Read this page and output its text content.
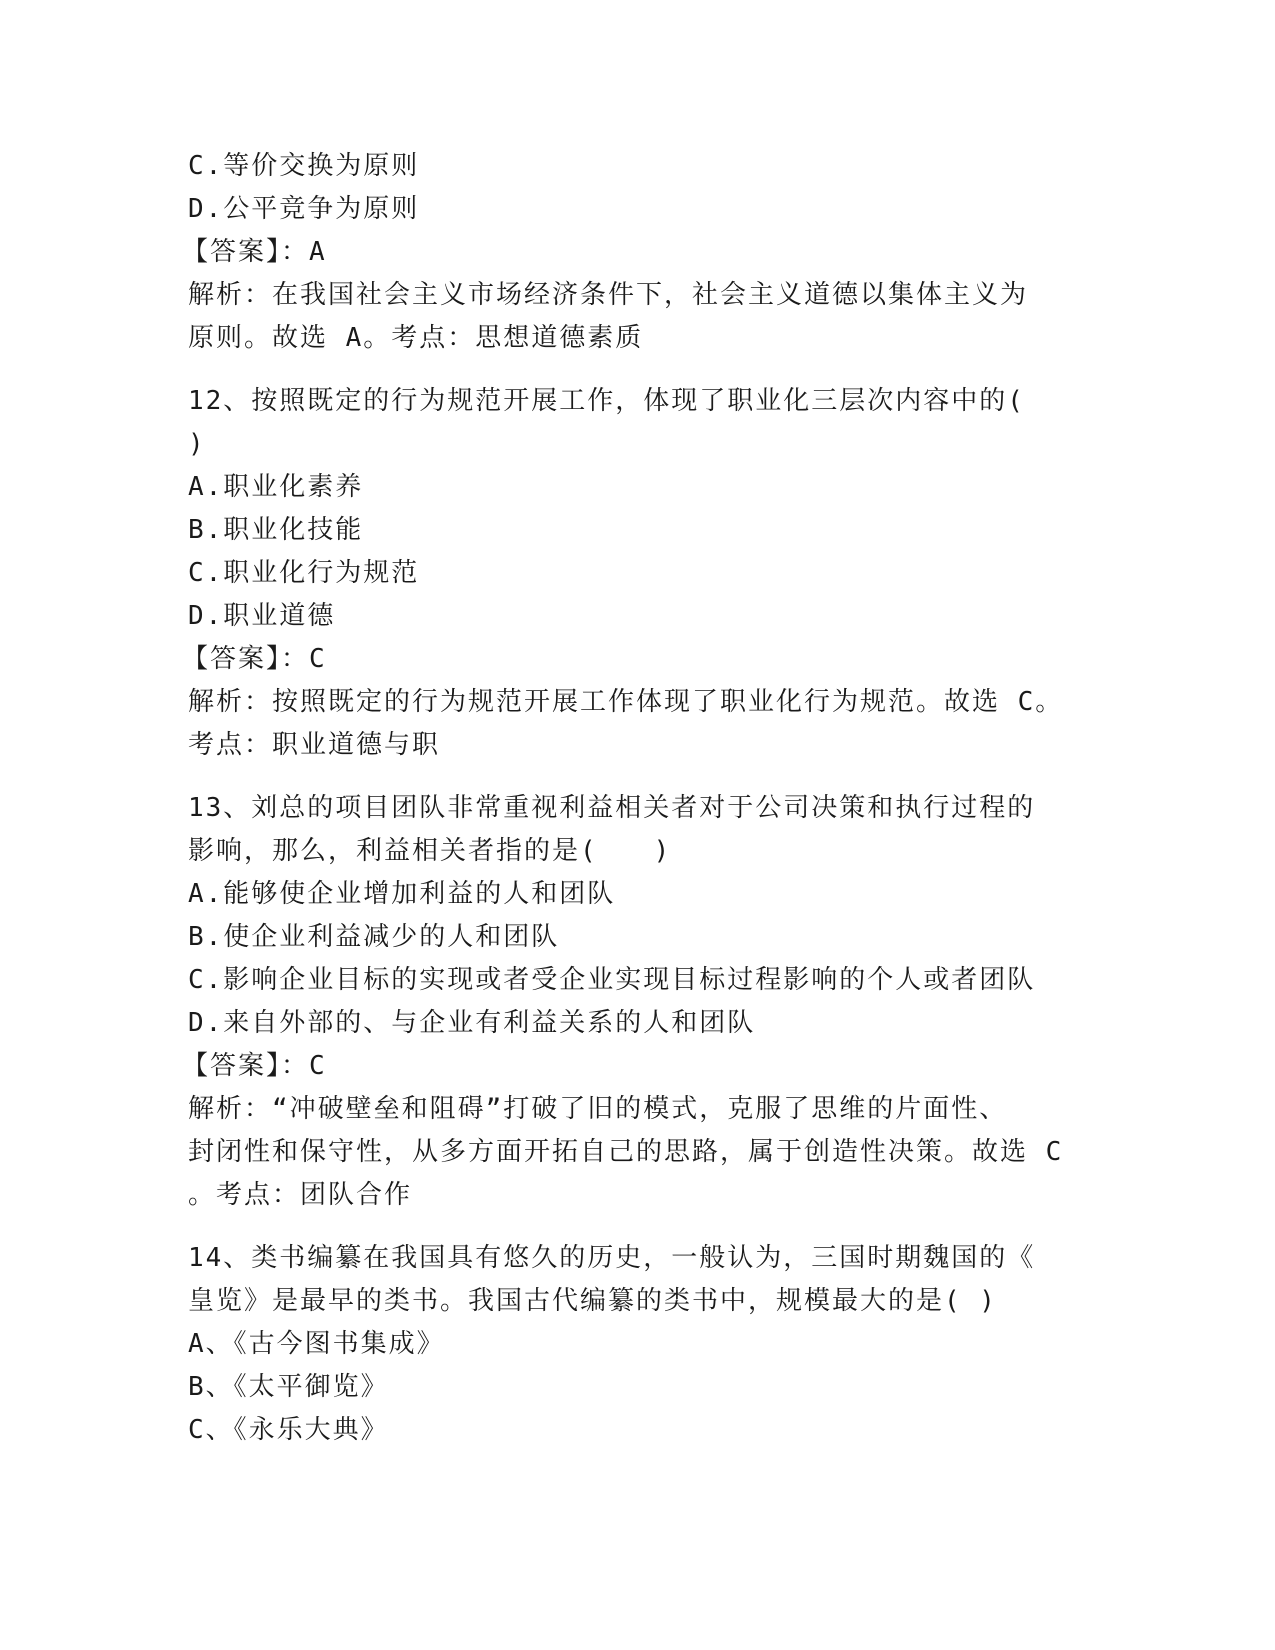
C.等价交换为原则
D.公平竞争为原则
【答案】：A
解析：在我国社会主义市场经济条件下，社会主义道德以集体主义为
原则。故选 A。考点：思想道德素质
12、按照既定的行为规范开展工作，体现了职业化三层次内容中的(
)
A.职业化素养
B.职业化技能
C.职业化行为规范
D.职业道德
【答案】：C
解析：按照既定的行为规范开展工作体现了职业化行为规范。故选 C。
考点：职业道德与职
13、刘总的项目团队非常重视利益相关者对于公司决策和执行过程的
影响，那么，利益相关者指的是(　　)
A.能够使企业增加利益的人和团队
B.使企业利益减少的人和团队
C.影响企业目标的实现或者受企业实现目标过程影响的个人或者团队
D.来自外部的、与企业有利益关系的人和团队
【答案】：C
解析：“冲破壁垒和阻碍”打破了旧的模式，克服了思维的片面性、
封闭性和保守性，从多方面开拓自己的思路，属于创造性决策。故选 C
。考点：团队合作
14、类书编纂在我国具有悠久的历史，一般认为，三国时期魏国的《
皇览》是最早的类书。我国古代编纂的类书中，规模最大的是( )
A、《古今图书集成》
B、《太平御览》
C、《永乐大典》
